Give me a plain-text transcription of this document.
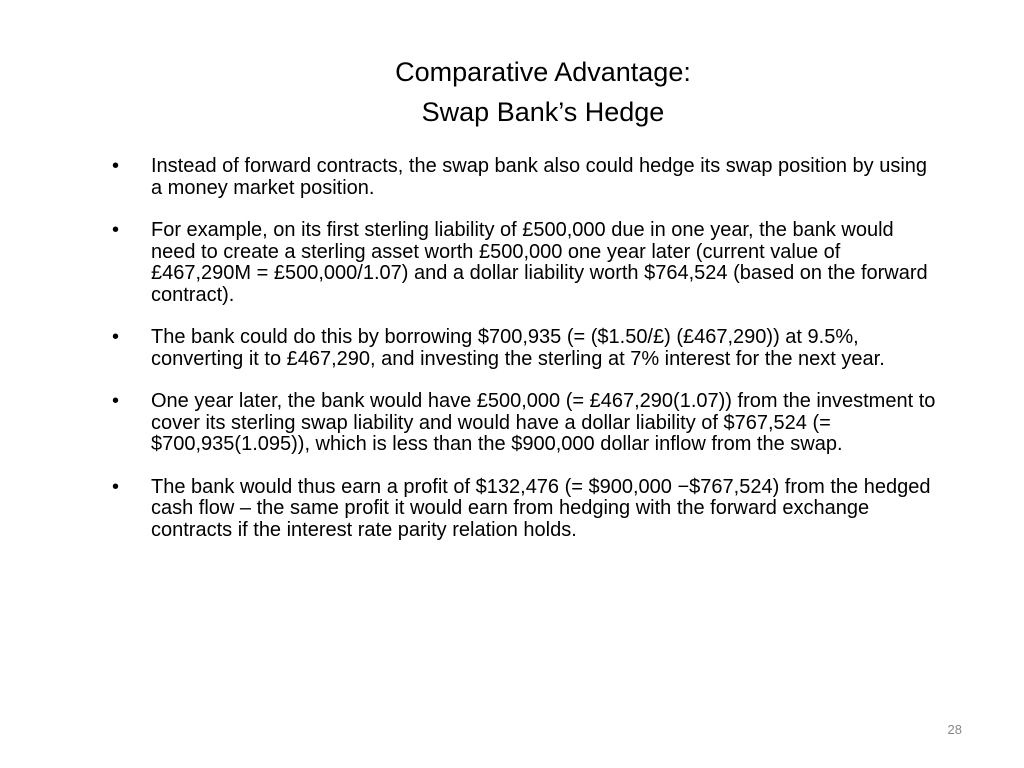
Comparative Advantage:
Swap Bank’s Hedge
•	Instead of forward contracts, the swap bank also could hedge its swap position by using a money market position.
•	For example, on its first sterling liability of £500,000 due in one year, the bank would need to create a sterling asset worth £500,000 one year later (current value of £467,290M = £500,000/1.07) and a dollar liability worth $764,524 (based on the forward contract).
•	The bank could do this by borrowing $700,935 (= ($1.50/£) (£467,290)) at 9.5%, converting it to £467,290, and investing the sterling at 7% interest for the next year.
•	One year later, the bank would have £500,000 (= £467,290(1.07)) from the investment to cover its sterling swap liability and would have a dollar liability of $767,524 (= $700,935(1.095)), which is less than the $900,000 dollar inflow from the swap.
•	The bank would thus earn a profit of $132,476 (= $900,000 −$767,524) from the hedged cash flow – the same profit it would earn from hedging with the forward exchange contracts if the interest rate parity relation holds.
28
